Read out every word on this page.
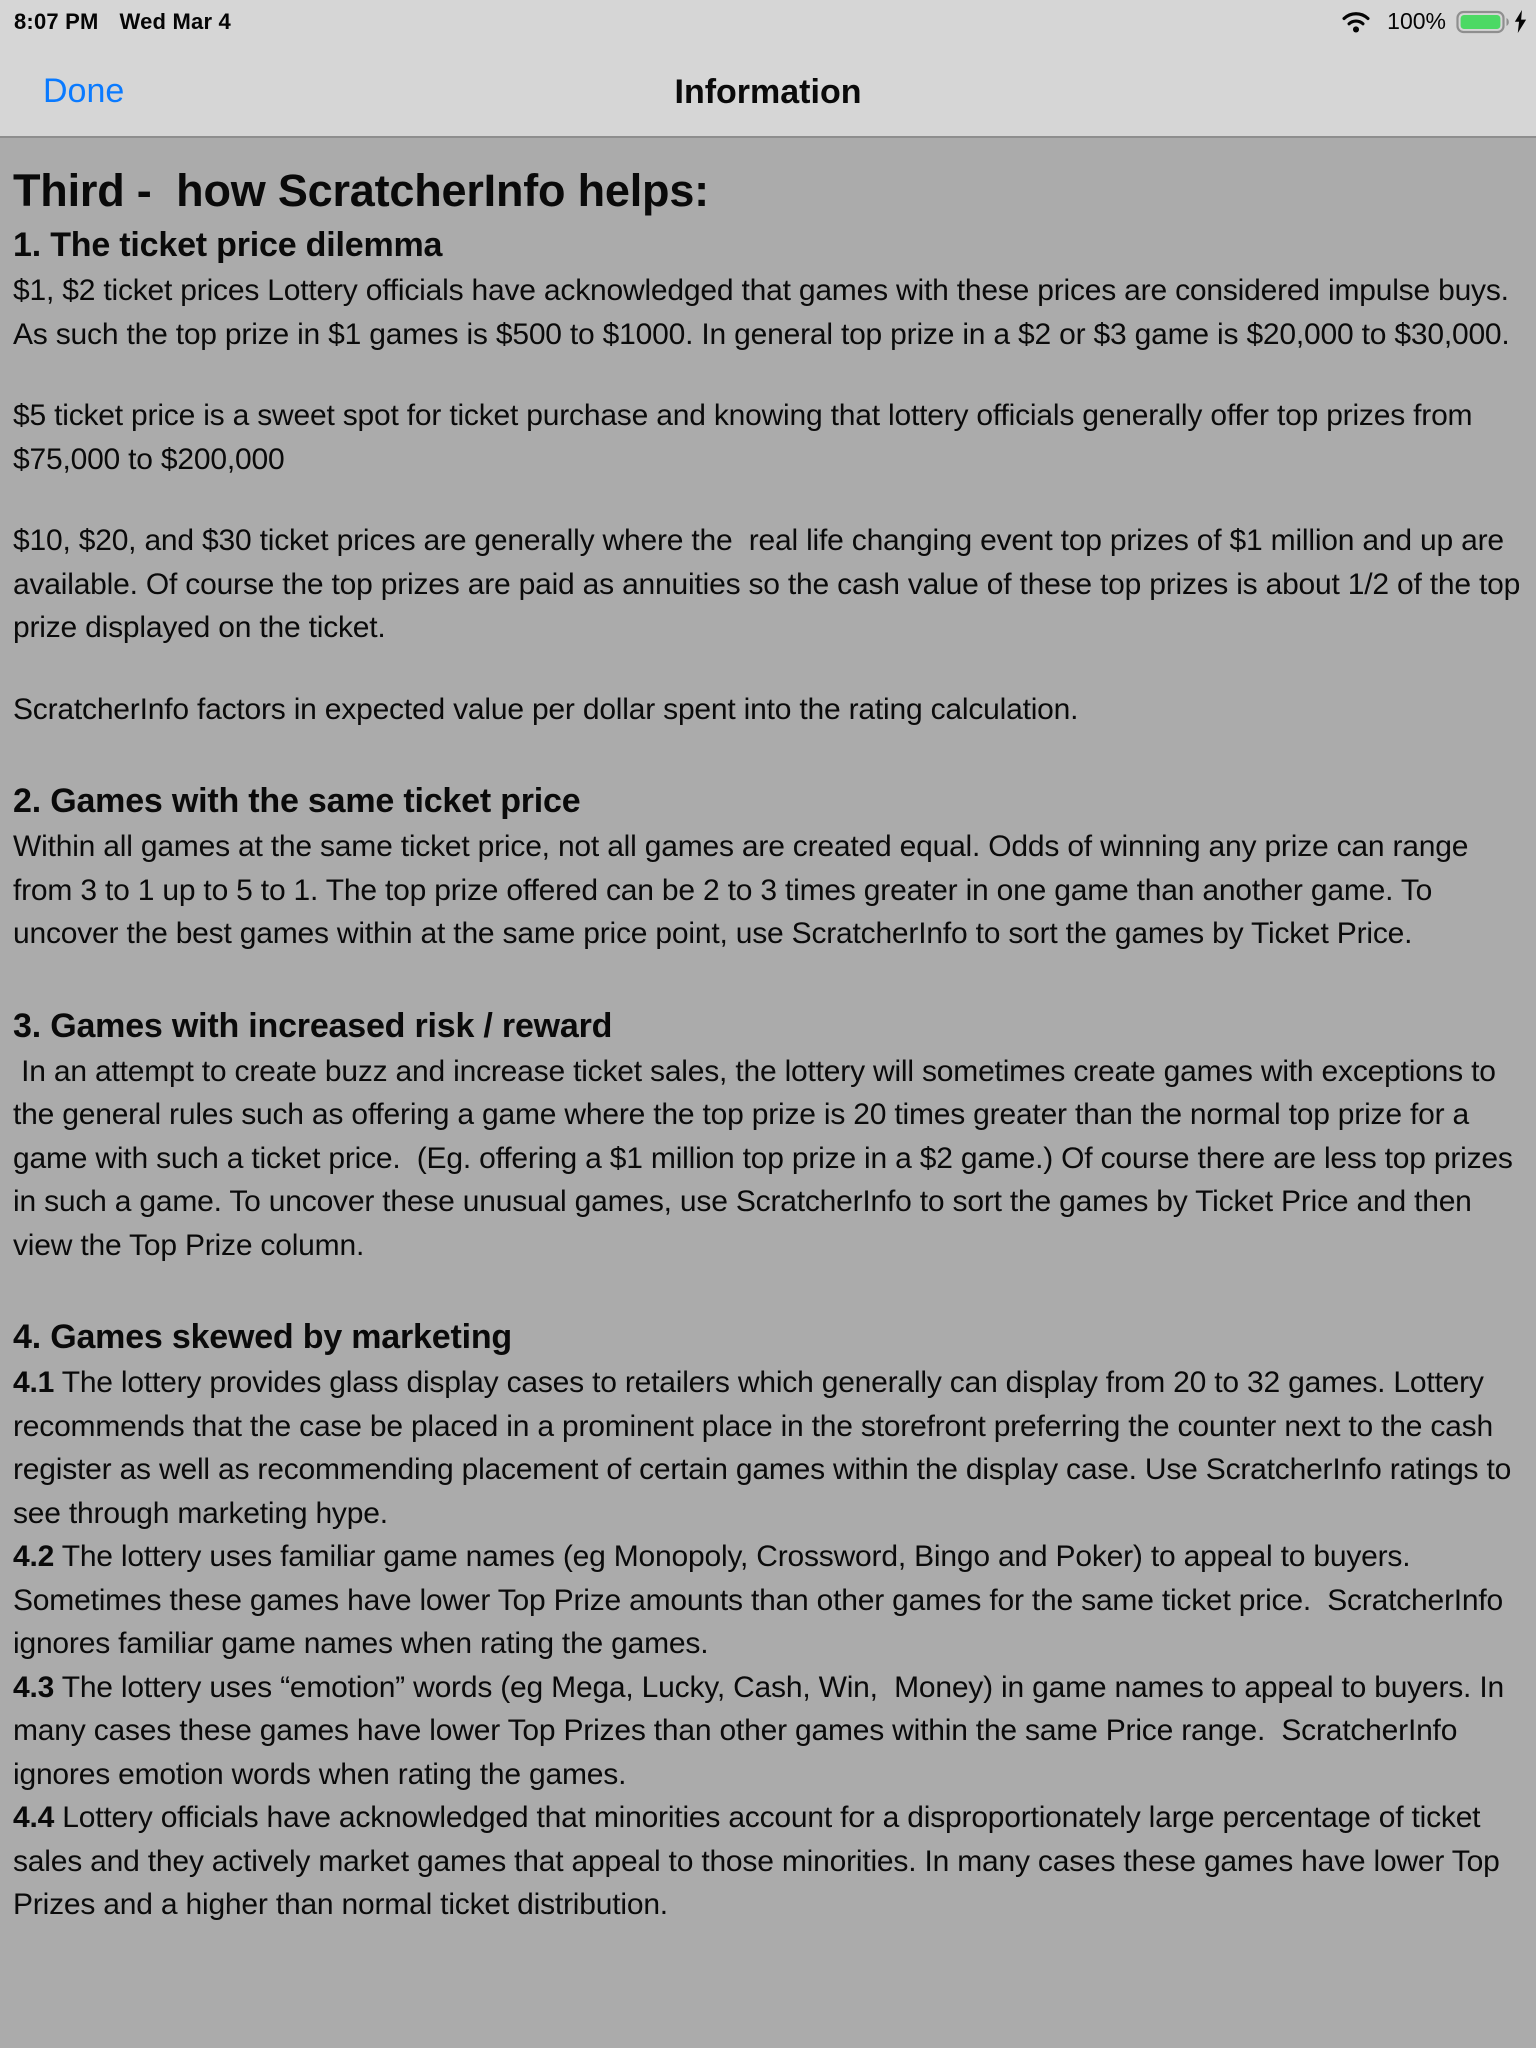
8:07 PM Wed Mar 4	100%
Done	Information
Third -  how ScratcherInfo helps:
1. The ticket price dilemma

$1, $2 ticket prices Lottery officials have acknowledged that games with these prices are considered impulse buys. As such the top prize in $1 games is $500 to $1000. In general top prize in a $2 or $3 game is $20,000 to $30,000.

$5 ticket price is a sweet spot for ticket purchase and knowing that lottery officials generally offer top prizes from $75,000 to $200,000

$10, $20, and $30 ticket prices are generally where the  real life changing event top prizes of $1 million and up are available. Of course the top prizes are paid as annuities so the cash value of these top prizes is about 1/2 of the top prize displayed on the ticket.

ScratcherInfo factors in expected value per dollar spent into the rating calculation.

2. Games with the same ticket price

Within all games at the same ticket price, not all games are created equal. Odds of winning any prize can range from 3 to 1 up to 5 to 1. The top prize offered can be 2 to 3 times greater in one game than another game. To uncover the best games within at the same price point, use ScratcherInfo to sort the games by Ticket Price.

3. Games with increased risk / reward

In an attempt to create buzz and increase ticket sales, the lottery will sometimes create games with exceptions to the general rules such as offering a game where the top prize is 20 times greater than the normal top prize for a game with such a ticket price.  (Eg. offering a $1 million top prize in a $2 game.) Of course there are less top prizes in such a game. To uncover these unusual games, use ScratcherInfo to sort the games by Ticket Price and then view the Top Prize column.

4. Games skewed by marketing

4.1 The lottery provides glass display cases to retailers which generally can display from 20 to 32 games. Lottery recommends that the case be placed in a prominent place in the storefront preferring the counter next to the cash register as well as recommending placement of certain games within the display case. Use ScratcherInfo ratings to see through marketing hype.

4.2 The lottery uses familiar game names (eg Monopoly, Crossword, Bingo and Poker) to appeal to buyers. Sometimes these games have lower Top Prize amounts than other games for the same ticket price.  ScratcherInfo ignores familiar game names when rating the games.

4.3 The lottery uses “emotion” words (eg Mega, Lucky, Cash, Win,  Money) in game names to appeal to buyers. In many cases these games have lower Top Prizes than other games within the same Price range.  ScratcherInfo ignores emotion words when rating the games.

4.4 Lottery officials have acknowledged that minorities account for a disproportionately large percentage of ticket sales and they actively market games that appeal to those minorities. In many cases these games have lower Top Prizes and a higher than normal ticket distribution.
